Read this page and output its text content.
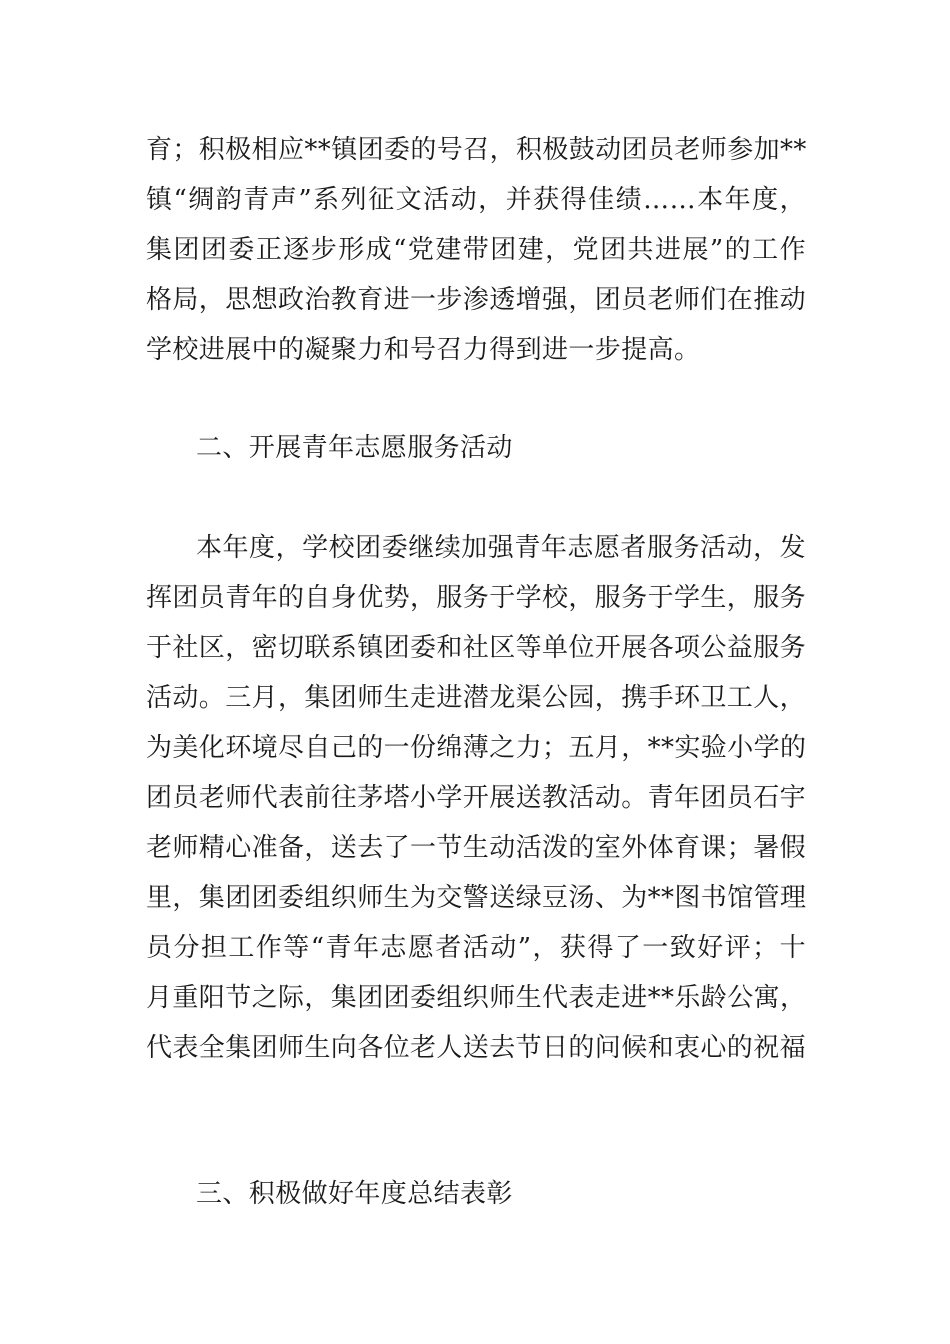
育；积极相应**镇团委的号召，积极鼓动团员老师参加**
镇“绸韵青声”系列征文活动，并获得佳绩……本年度，
集团团委正逐步形成“党建带团建，党团共进展”的工作
格局，思想政治教育进一步渗透增强，团员老师们在推动
学校进展中的凝聚力和号召力得到进一步提高。
二、开展青年志愿服务活动
本年度，学校团委继续加强青年志愿者服务活动，发
挥团员青年的自身优势，服务于学校，服务于学生，服务
于社区，密切联系镇团委和社区等单位开展各项公益服务
活动。三月，集团师生走进潜龙渠公园，携手环卫工人，
为美化环境尽自己的一份绵薄之力；五月，**实验小学的
团员老师代表前往茅塔小学开展送教活动。青年团员石宇
老师精心准备，送去了一节生动活泼的室外体育课；暑假
里，集团团委组织师生为交警送绿豆汤、为**图书馆管理
员分担工作等“青年志愿者活动”，获得了一致好评；十
月重阳节之际，集团团委组织师生代表走进**乐龄公寓，
代表全集团师生向各位老人送去节日的问候和衷心的祝福
三、积极做好年度总结表彰
